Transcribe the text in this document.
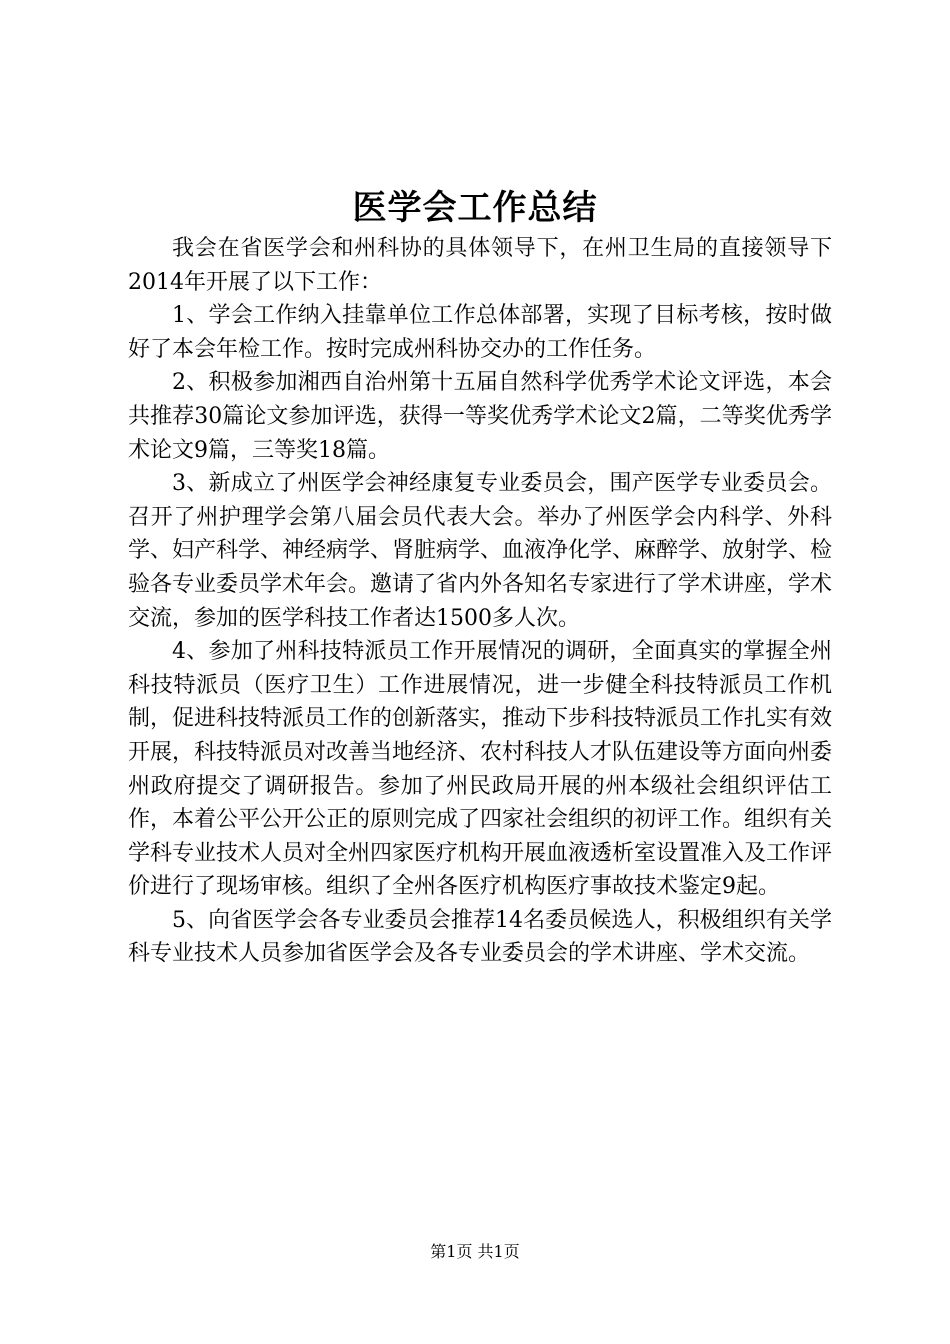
医学会工作总结

我会在省医学会和州科协的具体领导下，在州卫生局的直接领导下2014年开展了以下工作：

1、学会工作纳入挂靠单位工作总体部署，实现了目标考核，按时做好了本会年检工作。按时完成州科协交办的工作任务。

2、积极参加湘西自治州第十五届自然科学优秀学术论文评选，本会共推荐30篇论文参加评选，获得一等奖优秀学术论文2篇，二等奖优秀学术论文9篇，三等奖18篇。

3、新成立了州医学会神经康复专业委员会，围产医学专业委员会。召开了州护理学会第八届会员代表大会。举办了州医学会内科学、外科学、妇产科学、神经病学、肾脏病学、血液净化学、麻醉学、放射学、检验各专业委员学术年会。邀请了省内外各知名专家进行了学术讲座，学术交流，参加的医学科技工作者达1500多人次。

4、参加了州科技特派员工作开展情况的调研，全面真实的掌握全州科技特派员（医疗卫生）工作进展情况，进一步健全科技特派员工作机制，促进科技特派员工作的创新落实，推动下步科技特派员工作扎实有效开展，科技特派员对改善当地经济、农村科技人才队伍建设等方面向州委州政府提交了调研报告。参加了州民政局开展的州本级社会组织评估工作，本着公平公开公正的原则完成了四家社会组织的初评工作。组织有关学科专业技术人员对全州四家医疗机构开展血液透析室设置准入及工作评价进行了现场审核。组织了全州各医疗机构医疗事故技术鉴定9起。

5、向省医学会各专业委员会推荐14名委员候选人，积极组织有关学科专业技术人员参加省医学会及各专业委员会的学术讲座、学术交流。

第1页 共1页
